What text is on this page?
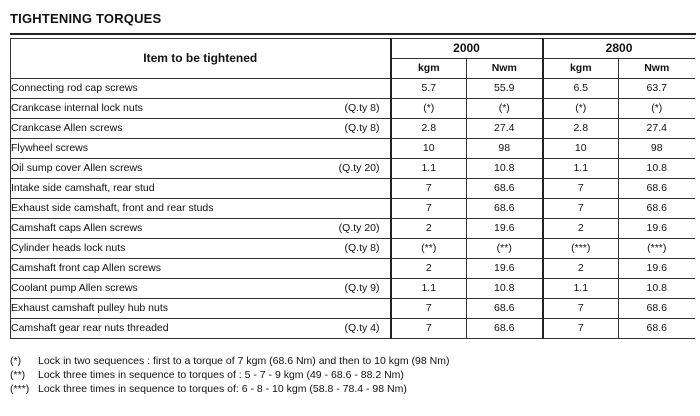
TIGHTENING TORQUES
Item to be tightened	2000		2800	
	kgm	Nwm	kgm	Nwm
Connecting rod cap screws	5.7	55.9	6.5	63.7
Crankcase internal lock nuts (Q.ty 8)	(*)	(*)	(*)	(*)
Crankcase Allen screws (Q.ty 8)	2.8	27.4	2.8	27.4
Flywheel screws	10	98	10	98
Oil sump cover Allen screws (Q.ty 20)	1.1	10.8	1.1	10.8
Intake side camshaft, rear stud	7	68.6	7	68.6
Exhaust side camshaft, front and rear studs	7	68.6	7	68.6
Camshaft caps Allen screws (Q.ty 20)	2	19.6	2	19.6
Cylinder heads lock nuts (Q.ty 8)	(**)	(**)	(***)	(***)
Camshaft front cap Allen screws	2	19.6	2	19.6
Coolant pump Allen screws (Q.ty 9)	1.1	10.8	1.1	10.8
Exhaust camshaft pulley hub nuts	7	68.6	7	68.6
Camshaft gear rear nuts threaded (Q.ty 4)	7	68.6	7	68.6
(*) Lock in two sequences : first to a torque of 7 kgm (68.6 Nm) and then to 10 kgm (98 Nm)
(**) Lock three times in sequence to torques of : 5 - 7 - 9 kgm (49 - 68.6 - 88.2 Nm)
(***) Lock three times in sequence to torques of: 6 - 8 - 10 kgm (58.8 - 78.4 - 98 Nm)
